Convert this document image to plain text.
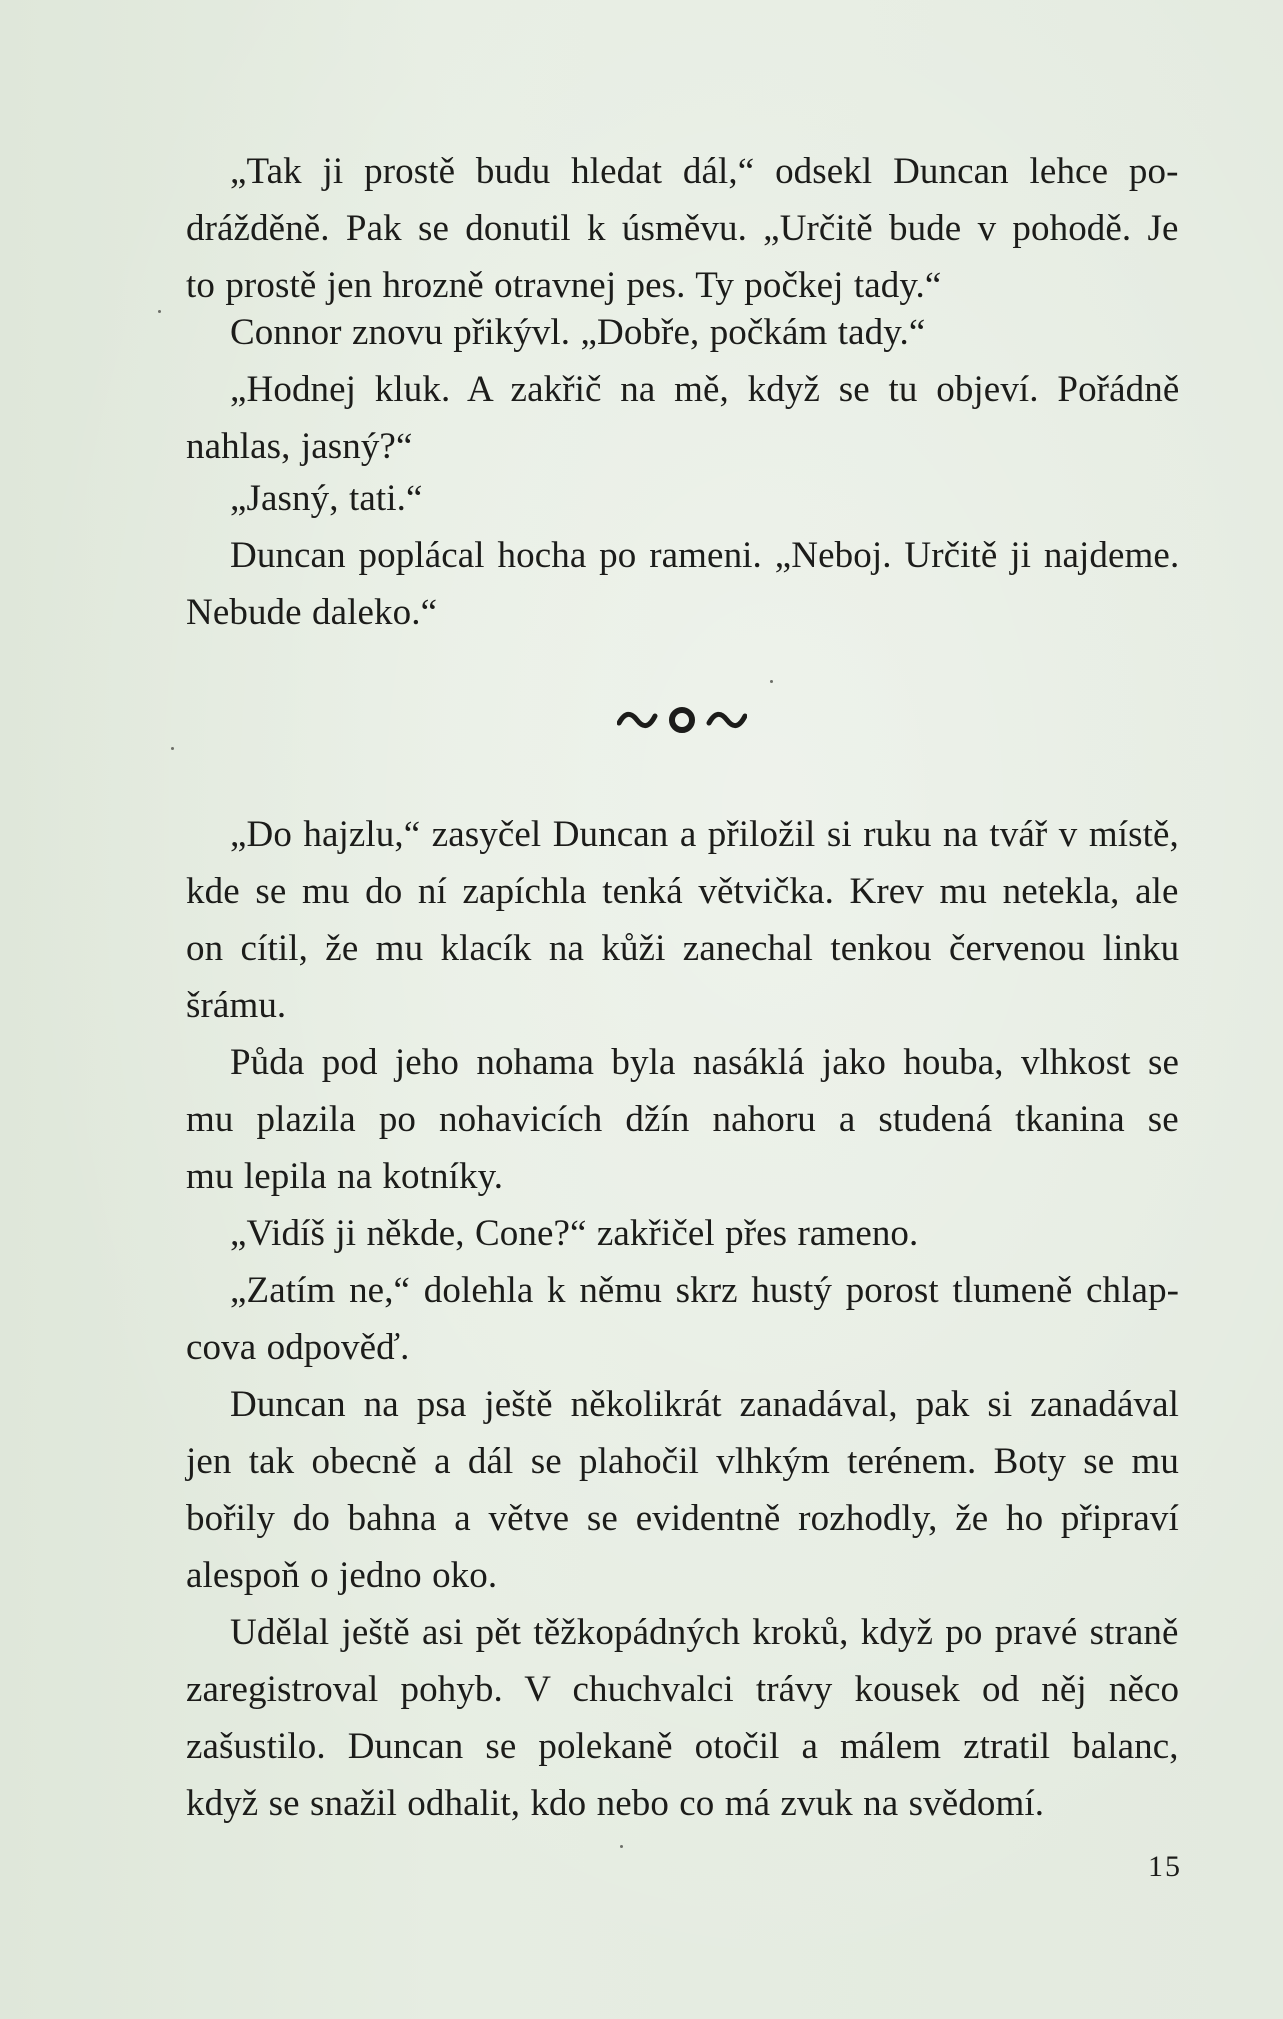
„Tak ji prostě budu hledat dál,“ odsekl Duncan lehce po-
drážděně. Pak se donutil k úsměvu. „Určitě bude v pohodě. Je
to prostě jen hrozně otravnej pes. Ty počkej tady.“

Connor znovu přikývl. „Dobře, počkám tady.“

„Hodnej kluk. A zakřič na mě, když se tu objeví. Pořádně
nahlas, jasný?“

„Jasný, tati.“

Duncan poplácal hocha po rameni. „Neboj. Určitě ji najdeme.
Nebude daleko.“

„Do hajzlu,“ zasyčel Duncan a přiložil si ruku na tvář v místě,
kde se mu do ní zapíchla tenká větvička. Krev mu netekla, ale
on cítil, že mu klacík na kůži zanechal tenkou červenou linku
šrámu.

Půda pod jeho nohama byla nasáklá jako houba, vlhkost se
mu plazila po nohavicích džín nahoru a studená tkanina se
mu lepila na kotníky.

„Vidíš ji někde, Cone?“ zakřičel přes rameno.

„Zatím ne,“ dolehla k němu skrz hustý porost tlumeně chlap-
cova odpověď.

Duncan na psa ještě několikrát zanadával, pak si zanadával
jen tak obecně a dál se plahočil vlhkým terénem. Boty se mu
bořily do bahna a větve se evidentně rozhodly, že ho připraví
alespoň o jedno oko.

Udělal ještě asi pět těžkopádných kroků, když po pravé straně
zaregistroval pohyb. V chuchvalci trávy kousek od něj něco
zašustilo. Duncan se polekaně otočil a málem ztratil balanc,
když se snažil odhalit, kdo nebo co má zvuk na svědomí.

15
